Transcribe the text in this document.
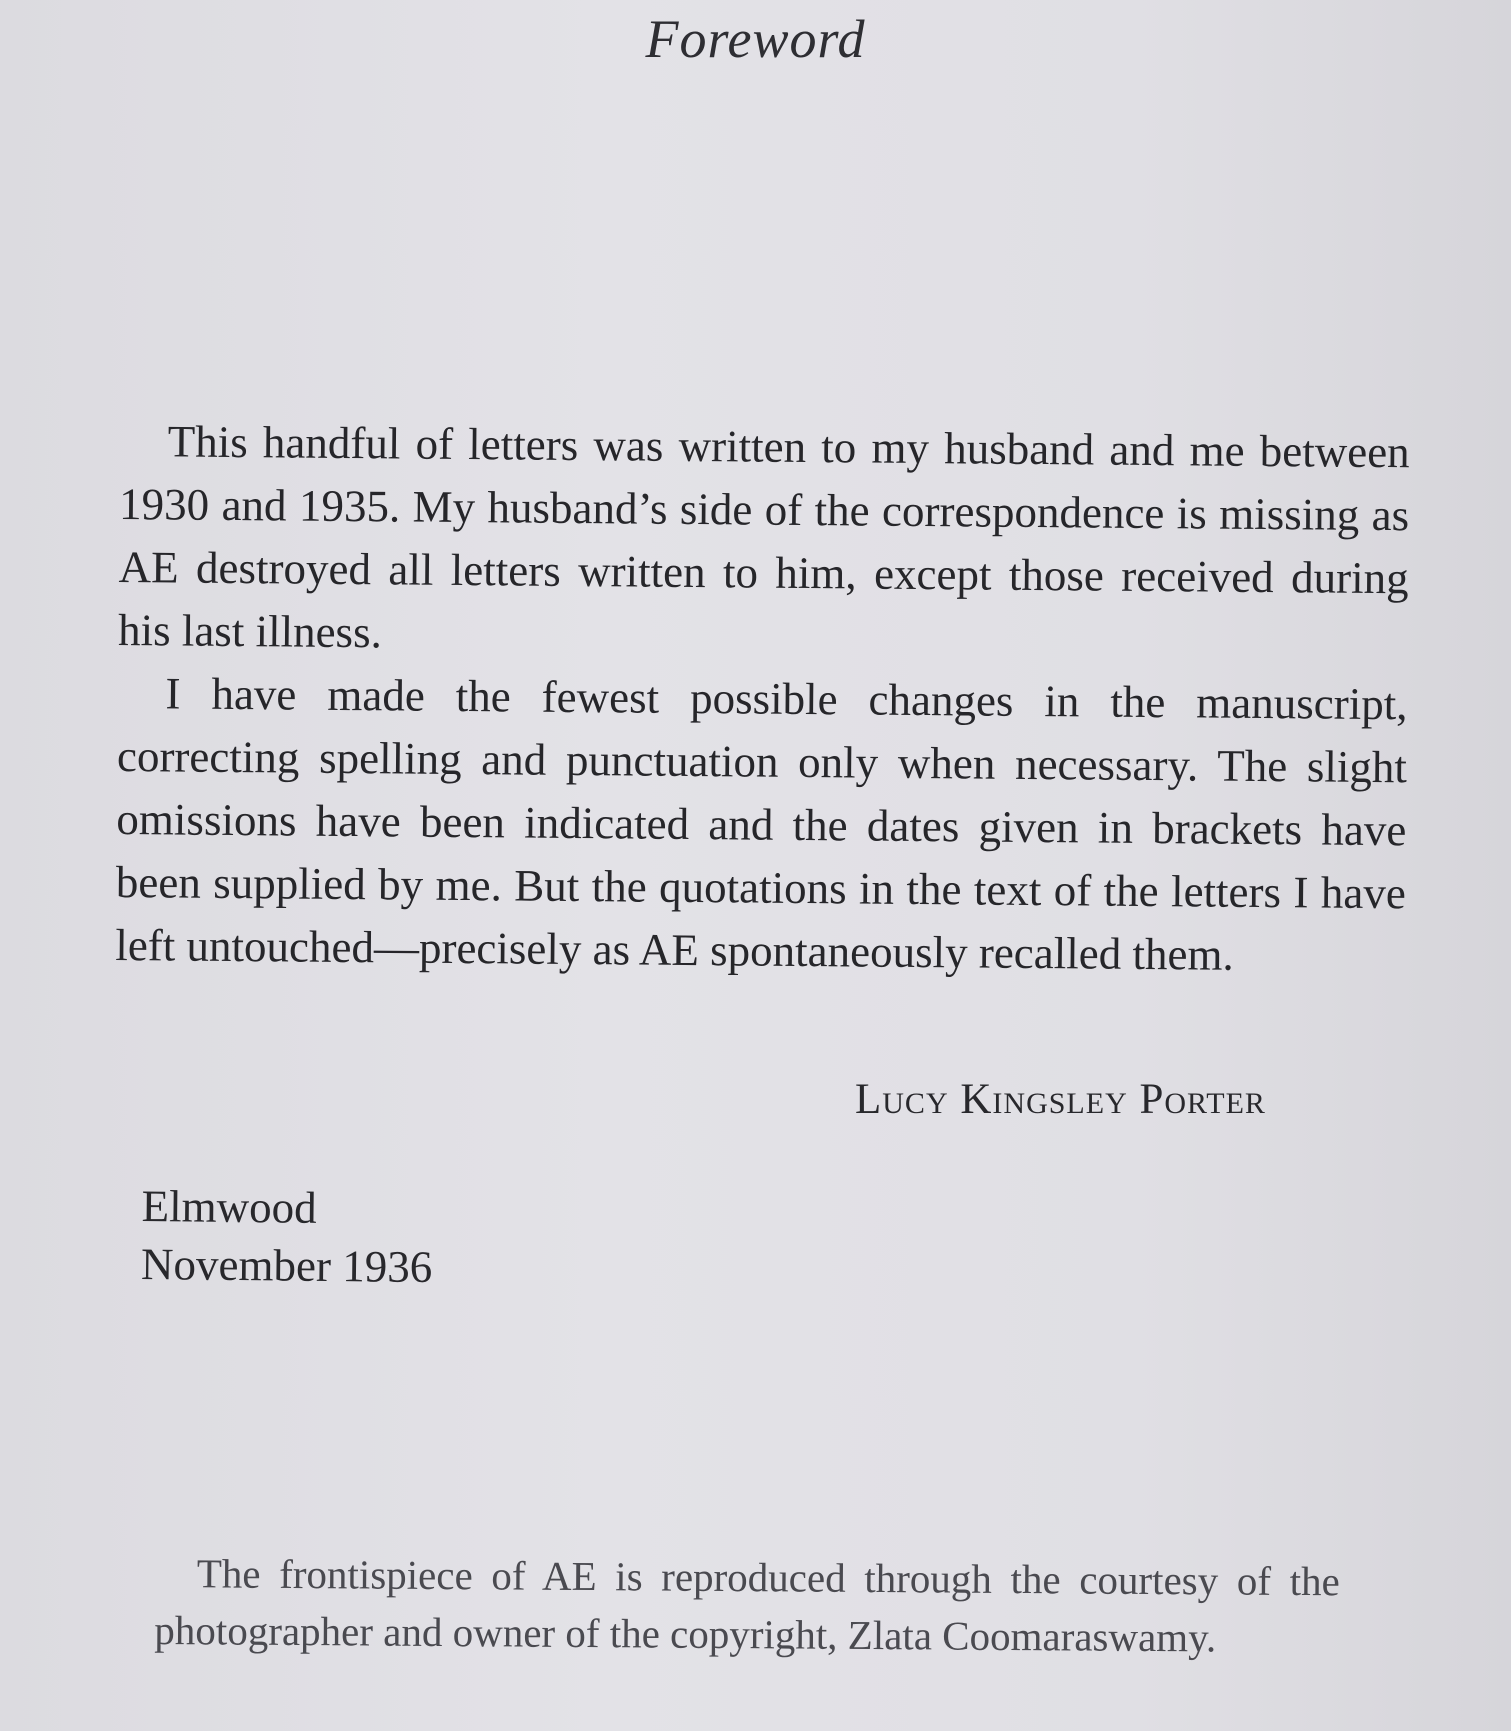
Foreword

This handful of letters was written to my husband and me between 1930 and 1935. My husband’s side of the correspondence is missing as AE destroyed all letters written to him, except those received during his last illness.

I have made the fewest possible changes in the manuscript, correcting spelling and punctuation only when necessary. The slight omissions have been indicated and the dates given in brackets have been supplied by me. But the quotations in the text of the letters I have left untouched—precisely as AE spontaneously recalled them.

Lucy Kingsley Porter
Elmwood
November 1936

The frontispiece of AE is reproduced through the courtesy of the photographer and owner of the copyright, Zlata Coomaraswamy.
